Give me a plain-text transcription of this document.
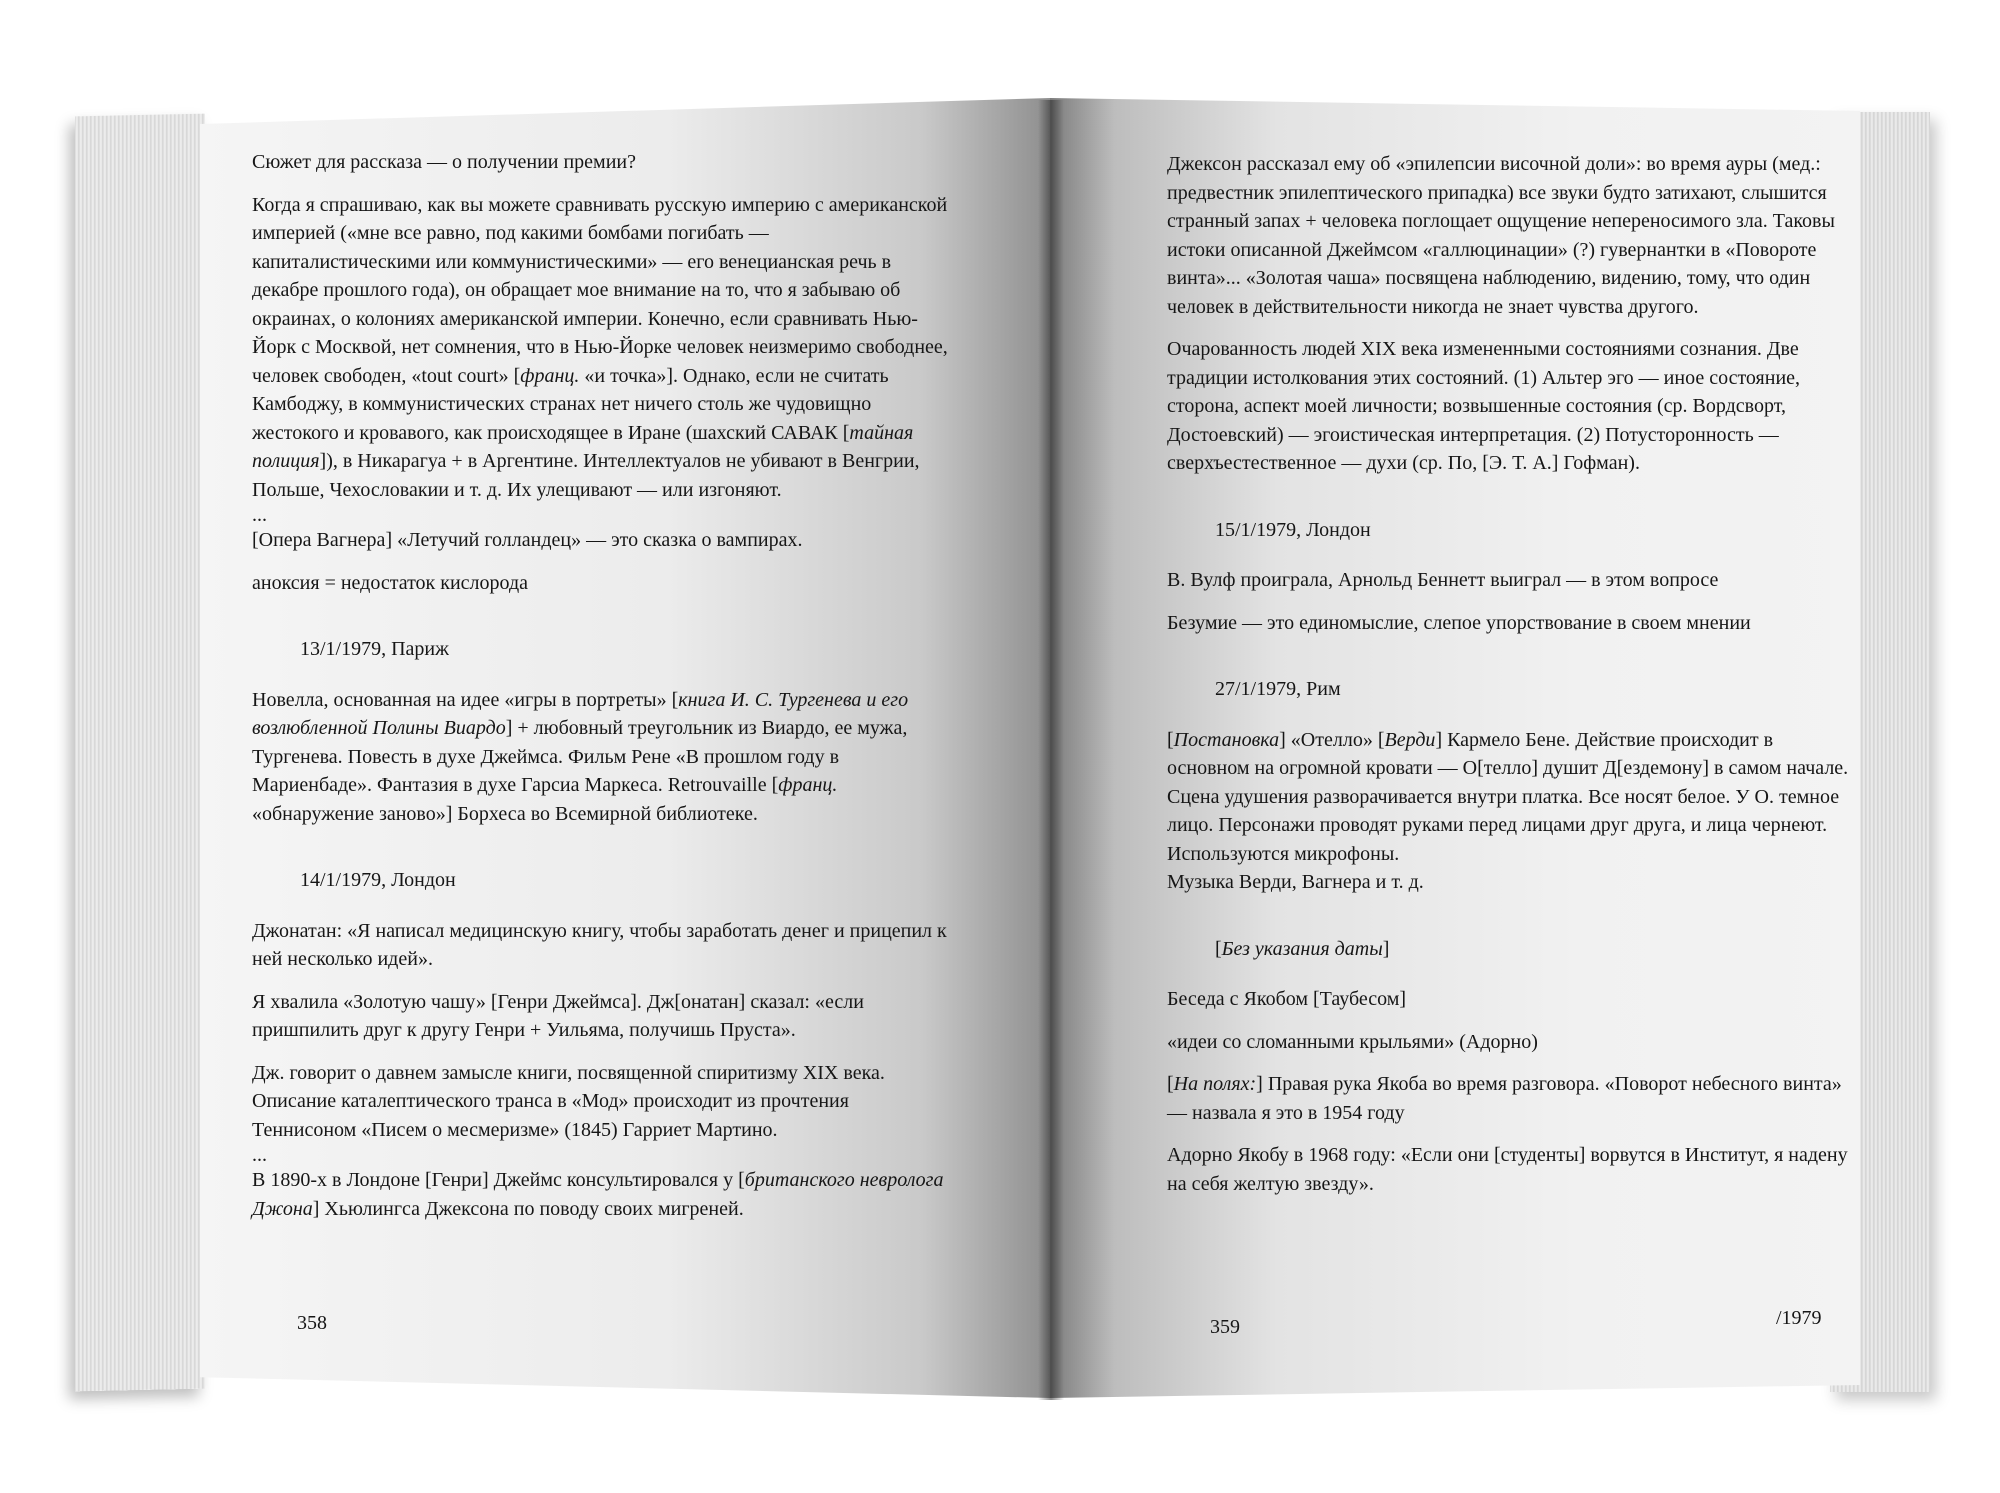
Сюжет для рассказа — о получении премии?

Когда я спрашиваю, как вы можете сравнивать русскую империю с американской империей («мне все равно, под какими бомбами погибать — капиталистическими или коммунистическими» — его венецианская речь в декабре прошлого года), он обращает мое внимание на то, что я забываю об окраинах, о колониях американской империи. Конечно, если сравнивать Нью-Йорк с Москвой, нет сомнения, что в Нью-Йорке человек неизмеримо свободнее, человек свободен, «tout court» [франц. «и точка»]. Однако, если не считать Камбоджу, в коммунистических странах нет ничего столь же чудовищно жестокого и кровавого, как происходящее в Иране (шахский САВАК [тайная полиция]), в Никарагуа + в Аргентине. Интеллектуалов не убивают в Венгрии, Польше, Чехословакии и т. д. Их улещивают — или изгоняют.

...

[Опера Вагнера] «Летучий голландец» — это сказка о вампирах.

аноксия = недостаток кислорода

13/1/1979, Париж

Новелла, основанная на идее «игры в портреты» [книга И. С. Тургенева и его возлюбленной Полины Виардо] + любовный треугольник из Виардо, ее мужа, Тургенева. Повесть в духе Джеймса. Фильм Рене «В прошлом году в Мариенбаде». Фантазия в духе Гарсиа Маркеса. Retrouvaille [франц. «обнаружение заново»] Борхеса во Всемирной библиотеке.

14/1/1979, Лондон

Джонатан: «Я написал медицинскую книгу, чтобы заработать денег и прицепил к ней несколько идей».

Я хвалила «Золотую чашу» [Генри Джеймса]. Дж[онатан] сказал: «если пришпилить друг к другу Генри + Уильяма, получишь Пруста».

Дж. говорит о давнем замысле книги, посвященной спиритизму XIX века. Описание каталептического транса в «Мод» происходит из прочтения Теннисоном «Писем о месмеризме» (1845) Гарриет Мартино.

...

В 1890-х в Лондоне [Генри] Джеймс консультировался у [британского невролога Джона] Хьюлингса Джексона по поводу своих мигреней.

358

Джексон рассказал ему об «эпилепсии височной доли»: во время ауры (мед.: предвестник эпилептического припадка) все звуки будто затихают, слышится странный запах + человека поглощает ощущение непереносимого зла. Таковы истоки описанной Джеймсом «галлюцинации» (?) гувернантки в «Повороте винта»... «Золотая чаша» посвящена наблюдению, видению, тому, что один человек в действительности никогда не знает чувства другого.

Очарованность людей XIX века измененными состояниями сознания. Две традиции истолкования этих состояний. (1) Альтер эго — иное состояние, сторона, аспект моей личности; возвышенные состояния (ср. Вордсворт, Достоевский) — эгоистическая интерпретация. (2) Потусторонность — сверхъестественное — духи (ср. По, [Э. Т. А.] Гофман).

15/1/1979, Лондон

В. Вулф проиграла, Арнольд Беннетт выиграл — в этом вопросе

Безумие — это единомыслие, слепое упорствование в своем мнении

27/1/1979, Рим

[Постановка] «Отелло» [Верди] Кармело Бене. Действие происходит в основном на огромной кровати — О[телло] душит Д[ездемону] в самом начале. Сцена удушения разворачивается внутри платка. Все носят белое. У О. темное лицо. Персонажи проводят руками перед лицами друг друга, и лица чернеют. Используются микрофоны.

Музыка Верди, Вагнера и т. д.

[Без указания даты]

Беседа с Якобом [Таубесом]

«идеи со сломанными крыльями» (Адорно)

[На полях:] Правая рука Якоба во время разговора. «Поворот небесного винта» — назвала я это в 1954 году

Адорно Якобу в 1968 году: «Если они [студенты] ворвутся в Институт, я надену на себя желтую звезду».

359	/1979
